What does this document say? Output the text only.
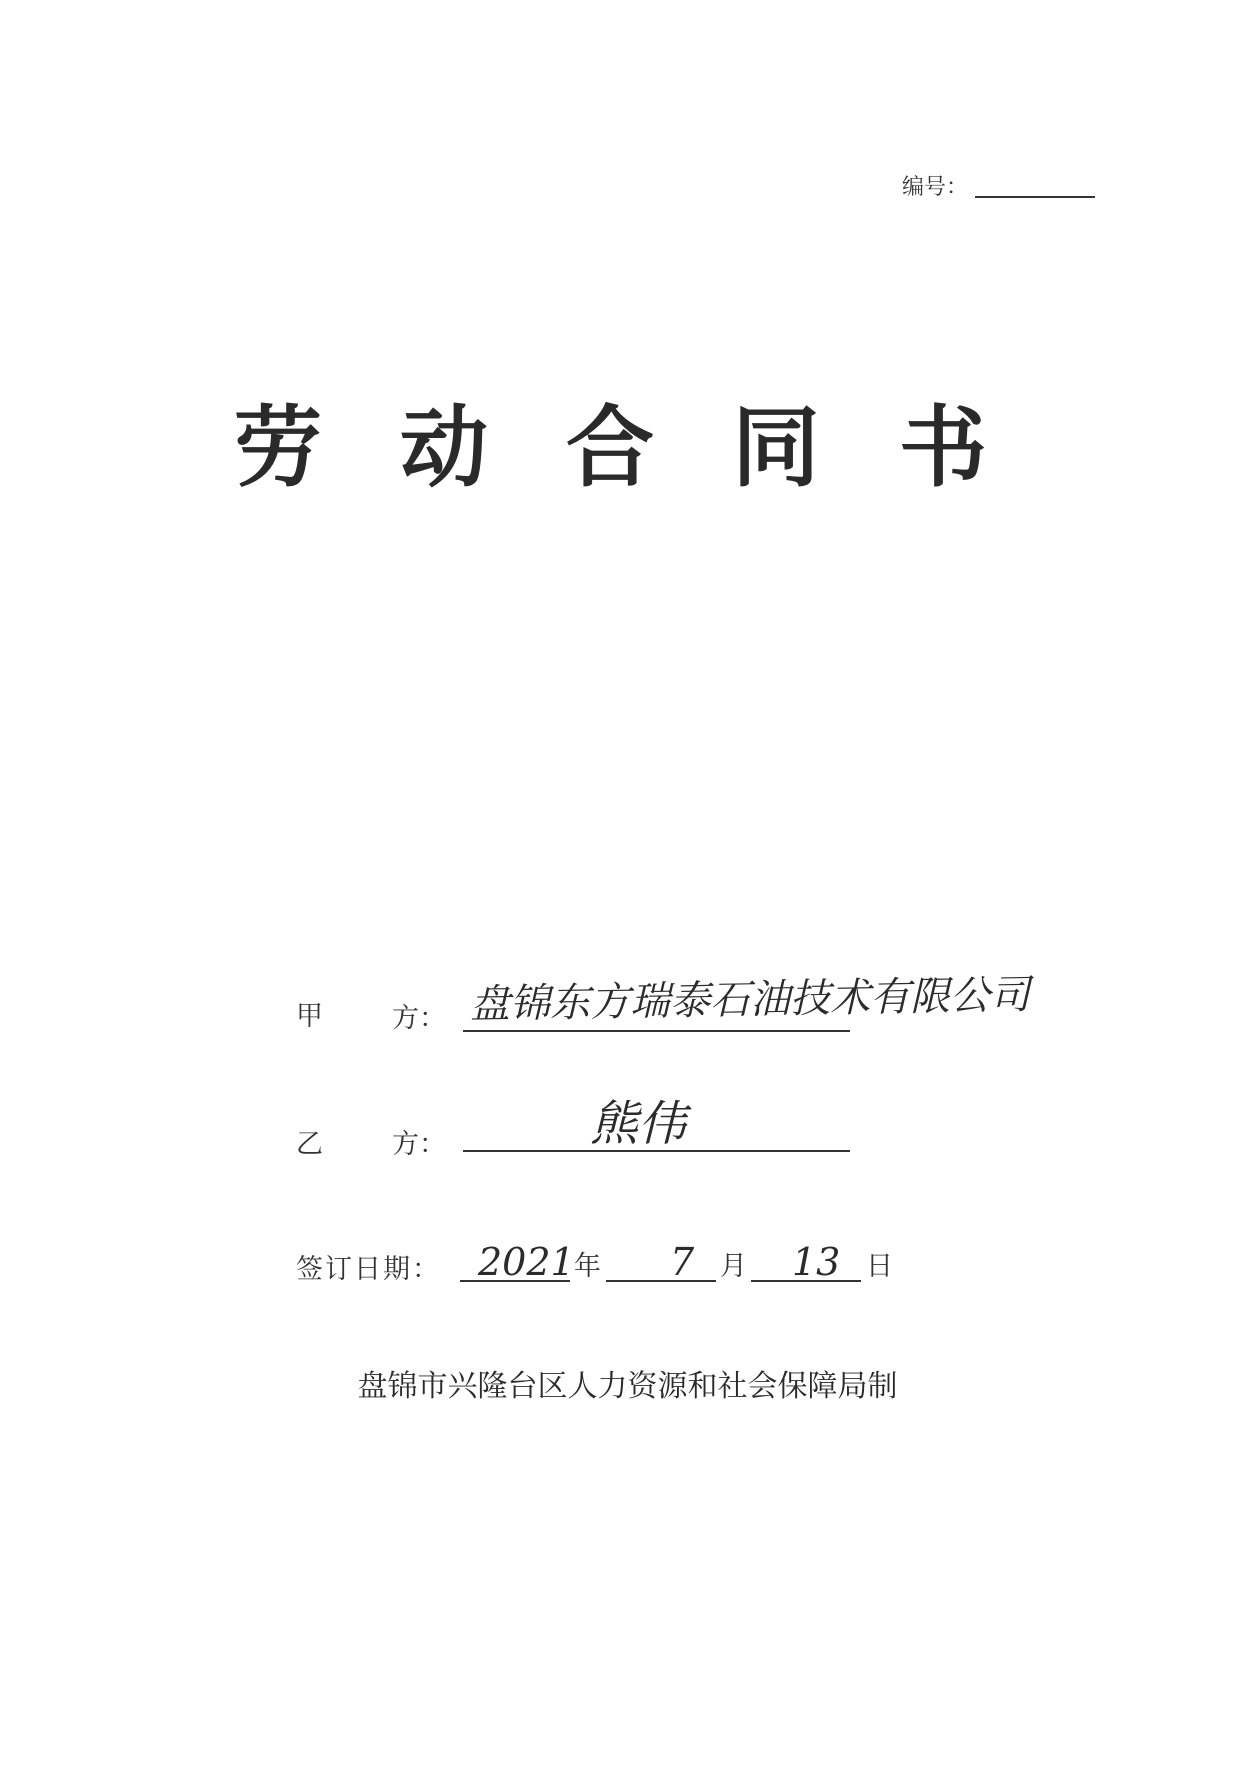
编号：
劳 动 合 同 书
甲	方： 盘锦东方瑞泰石油技术有限公司
乙	方：	熊伟
签订日期： 2021 年 7 月 13 日
盘锦市兴隆台区人力资源和社会保障局制
